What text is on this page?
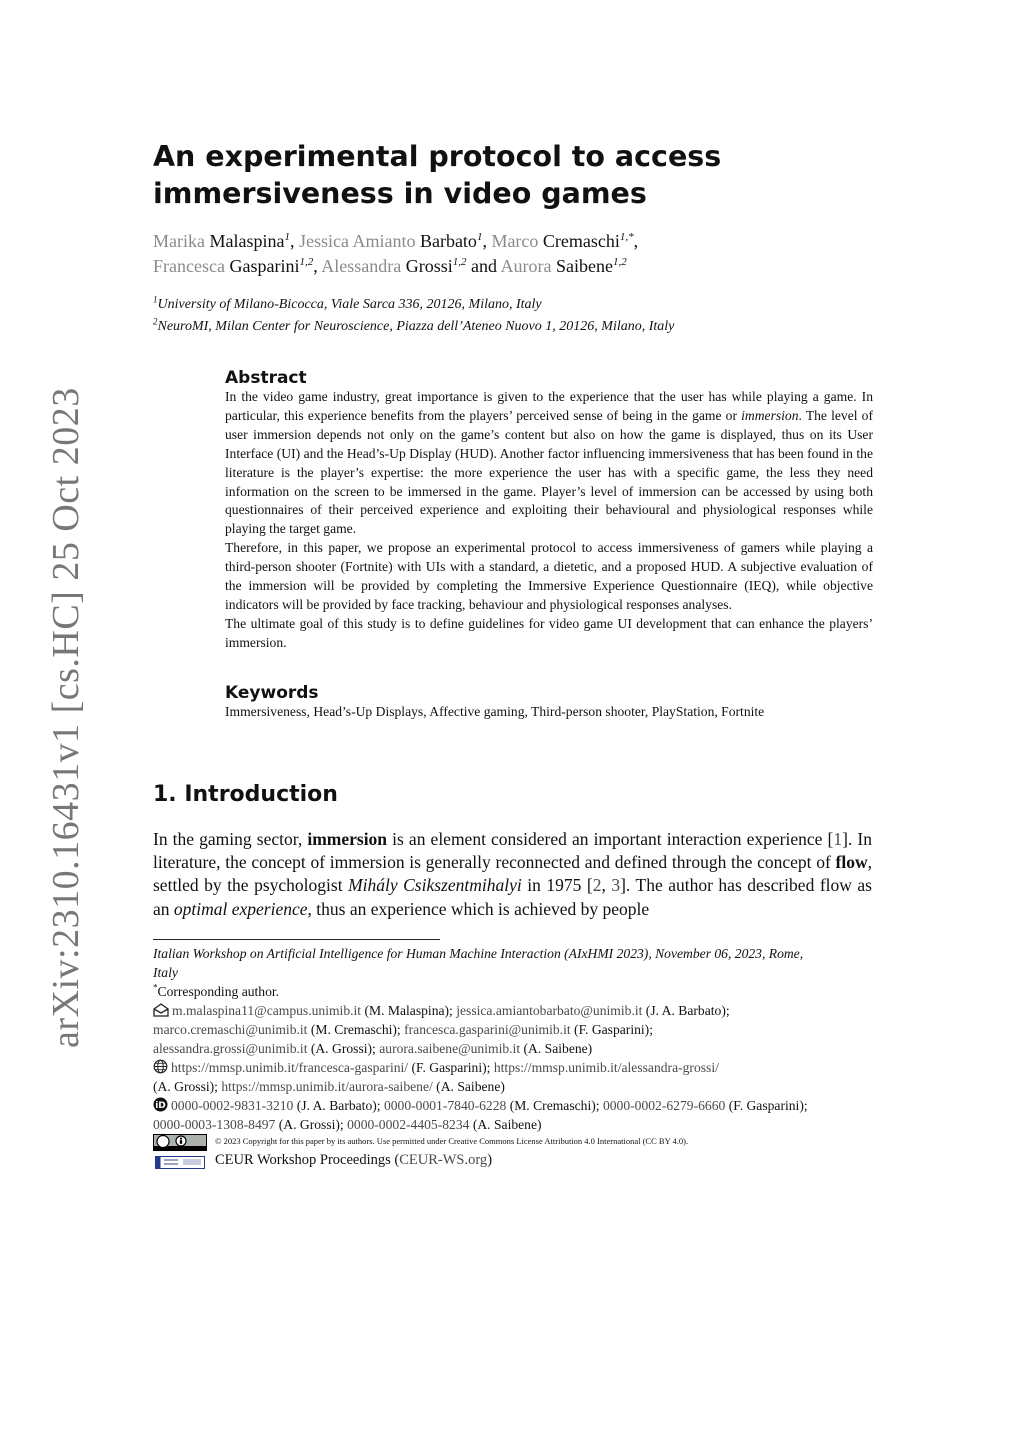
arXiv:2310.16431v1 [cs.HC] 25 Oct 2023
An experimental protocol to access immersiveness in video games
Marika Malaspina$^1$, Jessica Amianto Barbato$^1$, Marco Cremaschi$^{1,*}$,
Francesca Gasparini$^{1,2}$, Alessandra Grossi$^{1,2}$ and Aurora Saibene$^{1,2}$
$^1$University of Milano-Bicocca, Viale Sarca 336, 20126, Milano, Italy
$^2$NeuroMI, Milan Center for Neuroscience, Piazza dell’Ateneo Nuovo 1, 20126, Milano, Italy
Abstract

In the video game industry, great importance is given to the experience that the user has while playing a game. In particular, this experience benefits from the players’ perceived sense of being in the game or immersion. The level of user immersion depends not only on the game’s content but also on how the game is displayed, thus on its User Interface (UI) and the Head’s-Up Display (HUD). Another factor influencing immersiveness that has been found in the literature is the player’s expertise: the more experience the user has with a specific game, the less they need information on the screen to be immersed in the game. Player’s level of immersion can be accessed by using both questionnaires of their perceived experience and exploiting their behavioural and physiological responses while playing the target game.

Therefore, in this paper, we propose an experimental protocol to access immersiveness of gamers while playing a third-person shooter (Fortnite) with UIs with a standard, a dietetic, and a proposed HUD. A subjective evaluation of the immersion will be provided by completing the Immersive Experience Questionnaire (IEQ), while objective indicators will be provided by face tracking, behaviour and physiological responses analyses.

The ultimate goal of this study is to define guidelines for video game UI development that can enhance the players’ immersion.

Keywords
Immersiveness, Head’s-Up Displays, Affective gaming, Third-person shooter, PlayStation, Fortnite
1. Introduction
In the gaming sector, immersion is an element considered an important interaction experience [1]. In literature, the concept of immersion is generally reconnected and defined through the concept of flow, settled by the psychologist Mihály Csikszentmihalyi in 1975 [2, 3]. The author has described flow as an optimal experience, thus an experience which is achieved by people
Italian Workshop on Artificial Intelligence for Human Machine Interaction (AIxHMI 2023), November 06, 2023, Rome,
Italy
*Corresponding author.
m.malaspina11@campus.unimib.it (M. Malaspina); jessica.amiantobarbato@unimib.it (J. A. Barbato);
marco.cremaschi@unimib.it (M. Cremaschi); francesca.gasparini@unimib.it (F. Gasparini);
alessandra.grossi@unimib.it (A. Grossi); aurora.saibene@unimib.it (A. Saibene)
https://mmsp.unimib.it/francesca-gasparini/ (F. Gasparini); https://mmsp.unimib.it/alessandra-grossi/
(A. Grossi); https://mmsp.unimib.it/aurora-saibene/ (A. Saibene)
iD 0000-0002-9831-3210 (J. A. Barbato); 0000-0001-7840-6228 (M. Cremaschi); 0000-0002-6279-6660 (F. Gasparini);
0000-0003-1308-8497 (A. Grossi); 0000-0002-4405-8234 (A. Saibene)
© 2023 Copyright for this paper by its authors. Use permitted under Creative Commons License Attribution 4.0 International (CC BY 4.0).
CEUR Workshop Proceedings (CEUR-WS.org)
